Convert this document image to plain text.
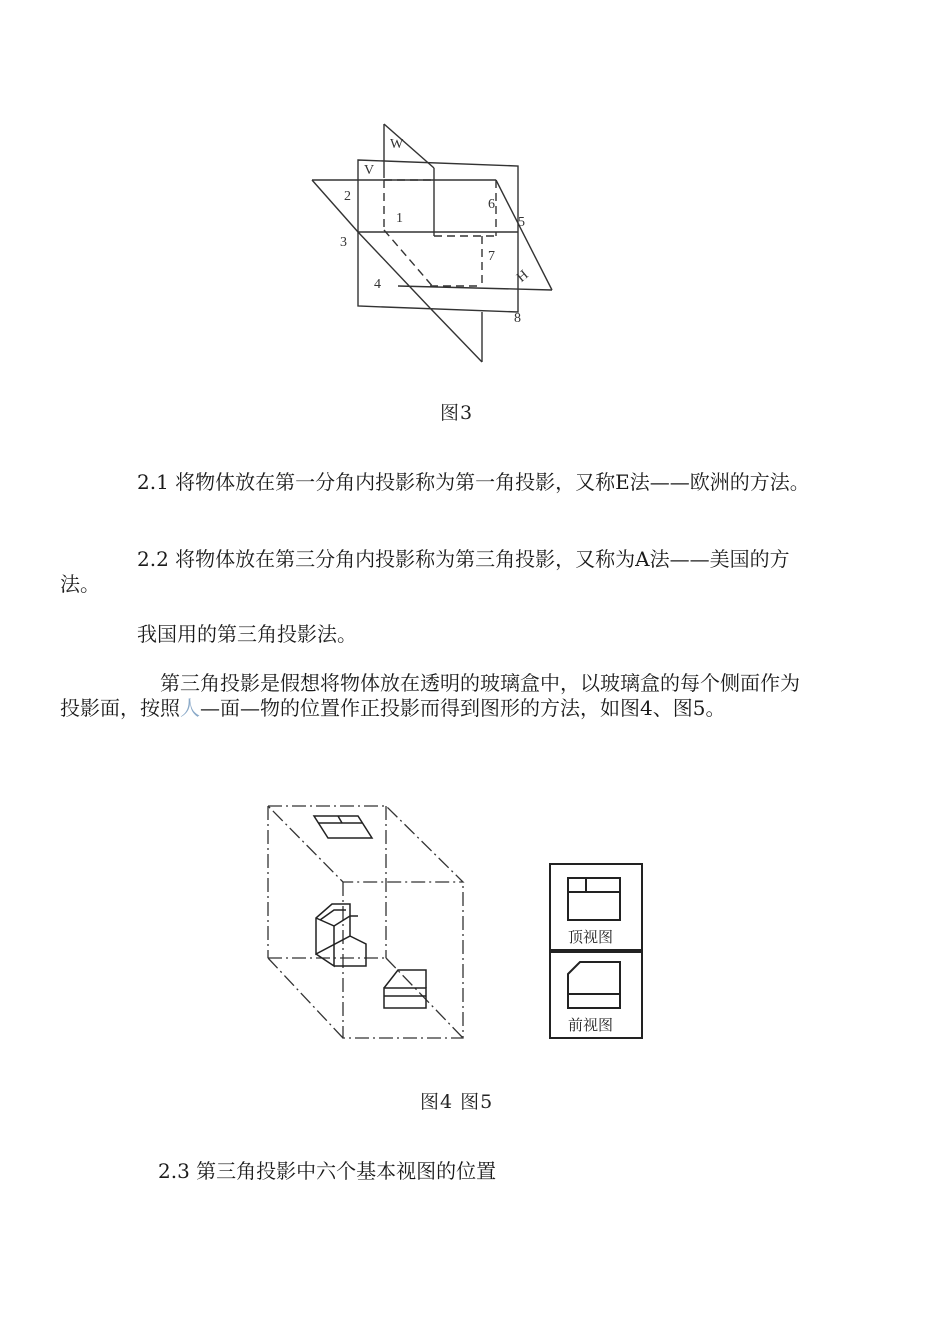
W
V
1
2
3
4
5
6
7
8
H
图3
2.1 将物体放在第一分角内投影称为第一角投影，又称E法——欧洲的方法。
2.2 将物体放在第三分角内投影称为第三角投影，又称为A法——美国的方
法。
我国用的第三角投影法。
第三角投影是假想将物体放在透明的玻璃盒中，以玻璃盒的每个侧面作为
投影面，按照人—面—物的位置作正投影而得到图形的方法，如图4、图5。
顶视图
前视图
图4 图5
2.3 第三角投影中六个基本视图的位置
